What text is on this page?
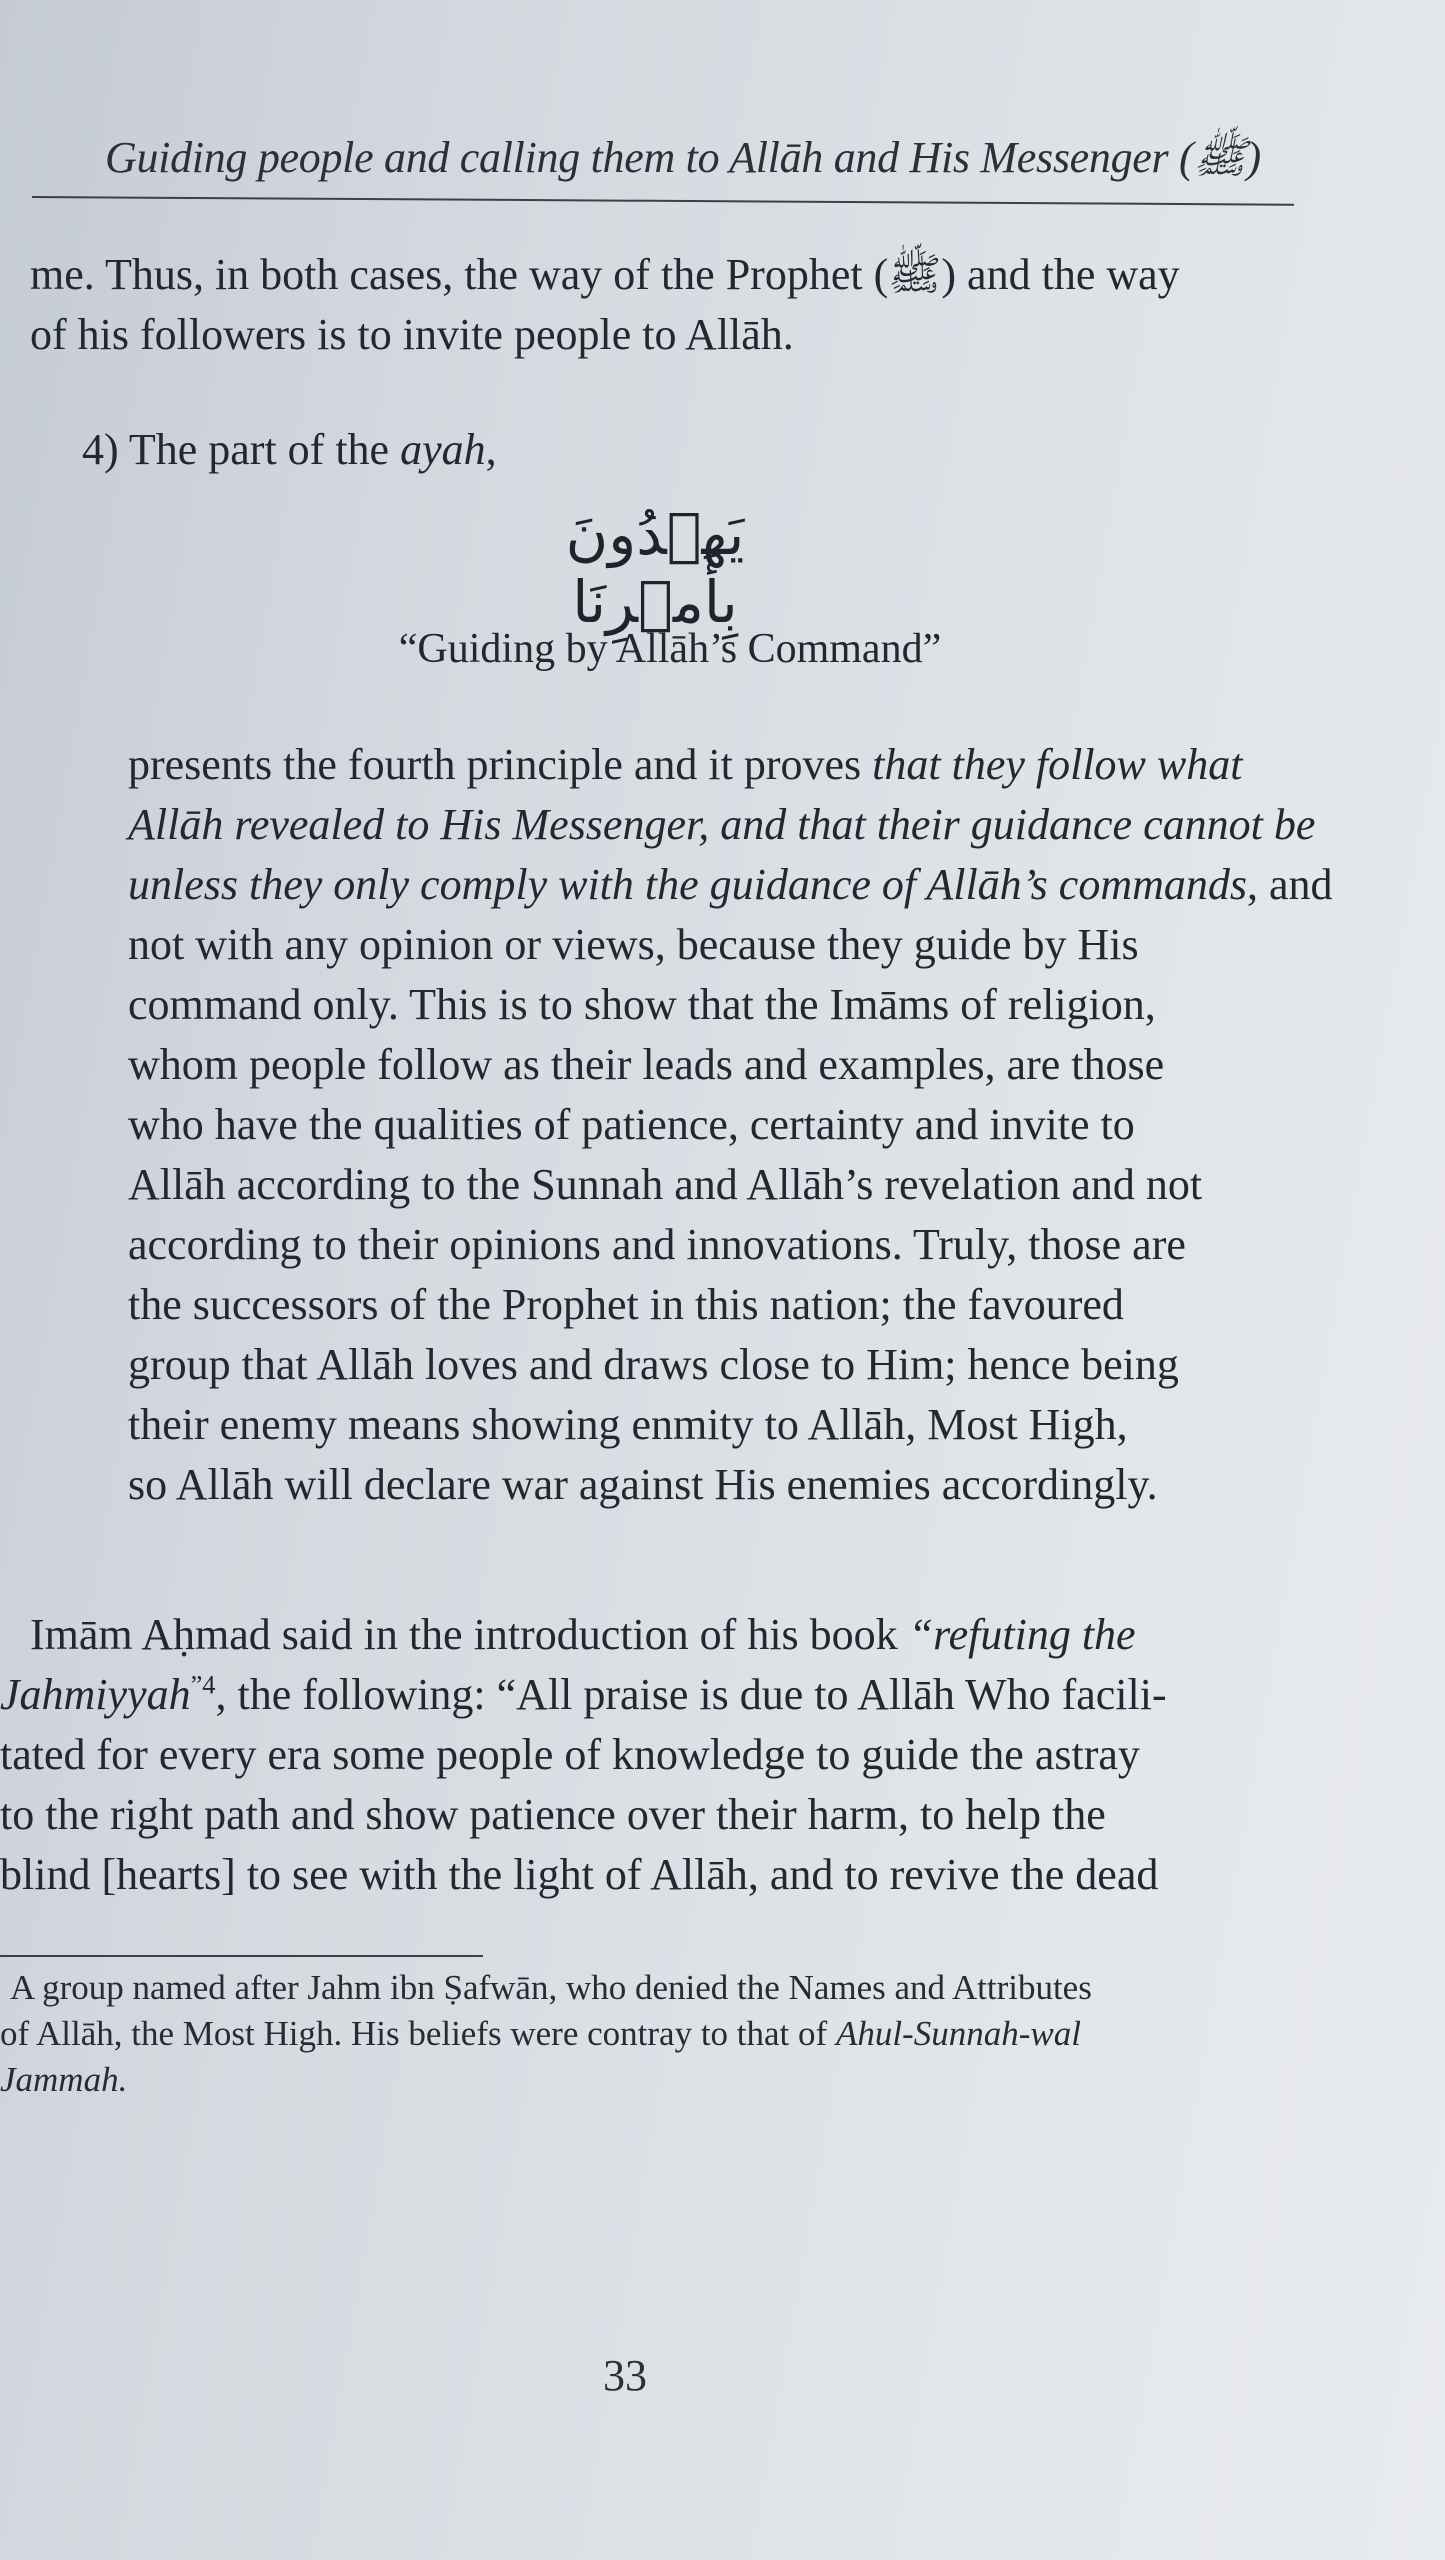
Guiding people and calling them to Allāh and His Messenger (ﷺ)
me. Thus, in both cases, the way of the Prophet (ﷺ) and the way
of his followers is to invite people to Allāh.
4) The part of the ayah,
يَهۡدُونَ بِأَمۡرِنَا
“Guiding by Allāh’s Command”
presents the fourth principle and it proves that they follow what
Allāh revealed to His Messenger, and that their guidance cannot be
unless they only comply with the guidance of Allāh’s commands, and
not with any opinion or views, because they guide by His
command only. This is to show that the Imāms of religion,
whom people follow as their leads and examples, are those
who have the qualities of patience, certainty and invite to
Allāh according to the Sunnah and Allāh’s revelation and not
according to their opinions and innovations. Truly, those are
the successors of the Prophet in this nation; the favoured
group that Allāh loves and draws close to Him; hence being
their enemy means showing enmity to Allāh, Most High,
so Allāh will declare war against His enemies accordingly.
Imām Aḥmad said in the introduction of his book “refuting the
Jahmiyyah$^{”4}$, the following: “All praise is due to Allāh Who facili-
tated for every era some people of knowledge to guide the astray
to the right path and show patience over their harm, to help the
blind [hearts] to see with the light of Allāh, and to revive the dead
A group named after Jahm ibn Ṣafwān, who denied the Names and Attributes
of Allāh, the Most High. His beliefs were contray to that of Ahul-Sunnah-wal
Jammah.
33
